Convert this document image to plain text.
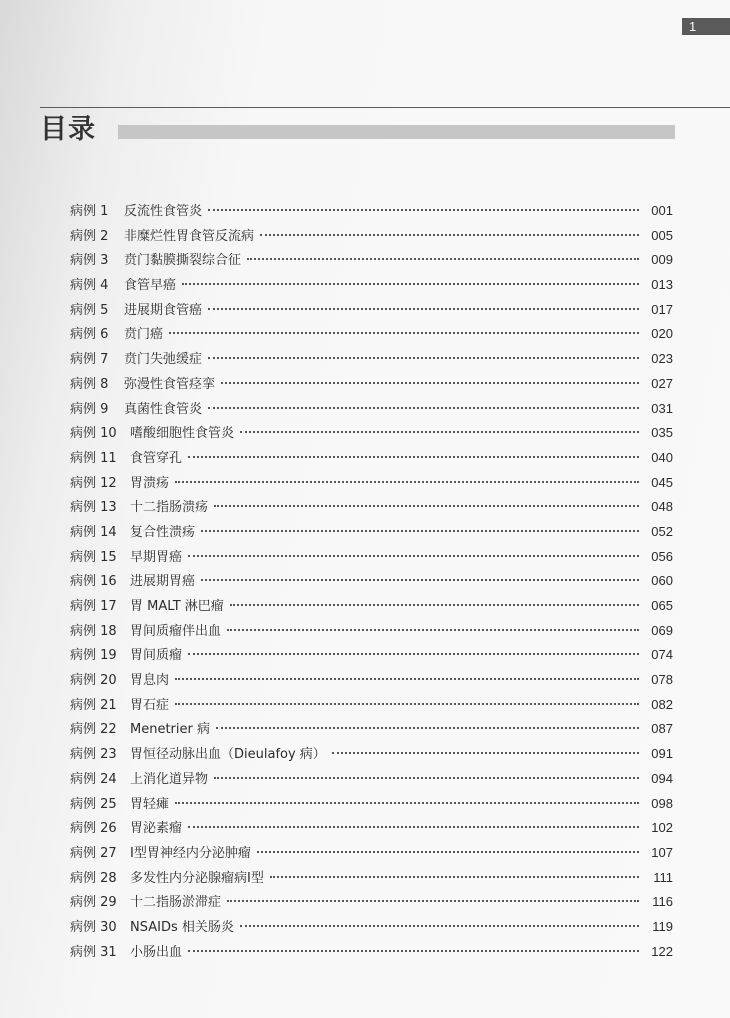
1
目录
病例 1	反流性食管炎	001
病例 2	非糜烂性胃食管反流病	005
病例 3	贲门黏膜撕裂综合征	009
病例 4	食管早癌	013
病例 5	进展期食管癌	017
病例 6	贲门癌	020
病例 7	贲门失弛缓症	023
病例 8	弥漫性食管痉挛	027
病例 9	真菌性食管炎	031
病例 10	嗜酸细胞性食管炎	035
病例 11	食管穿孔	040
病例 12	胃溃疡	045
病例 13	十二指肠溃疡	048
病例 14	复合性溃疡	052
病例 15	早期胃癌	056
病例 16	进展期胃癌	060
病例 17	胃 MALT 淋巴瘤	065
病例 18	胃间质瘤伴出血	069
病例 19	胃间质瘤	074
病例 20	胃息肉	078
病例 21	胃石症	082
病例 22	Menetrier 病	087
病例 23	胃恒径动脉出血（Dieulafoy 病）	091
病例 24	上消化道异物	094
病例 25	胃轻瘫	098
病例 26	胃泌素瘤	102
病例 27	Ⅰ型胃神经内分泌肿瘤	107
病例 28	多发性内分泌腺瘤病Ⅰ型	111
病例 29	十二指肠淤滞症	116
病例 30	NSAIDs 相关肠炎	119
病例 31	小肠出血	122
